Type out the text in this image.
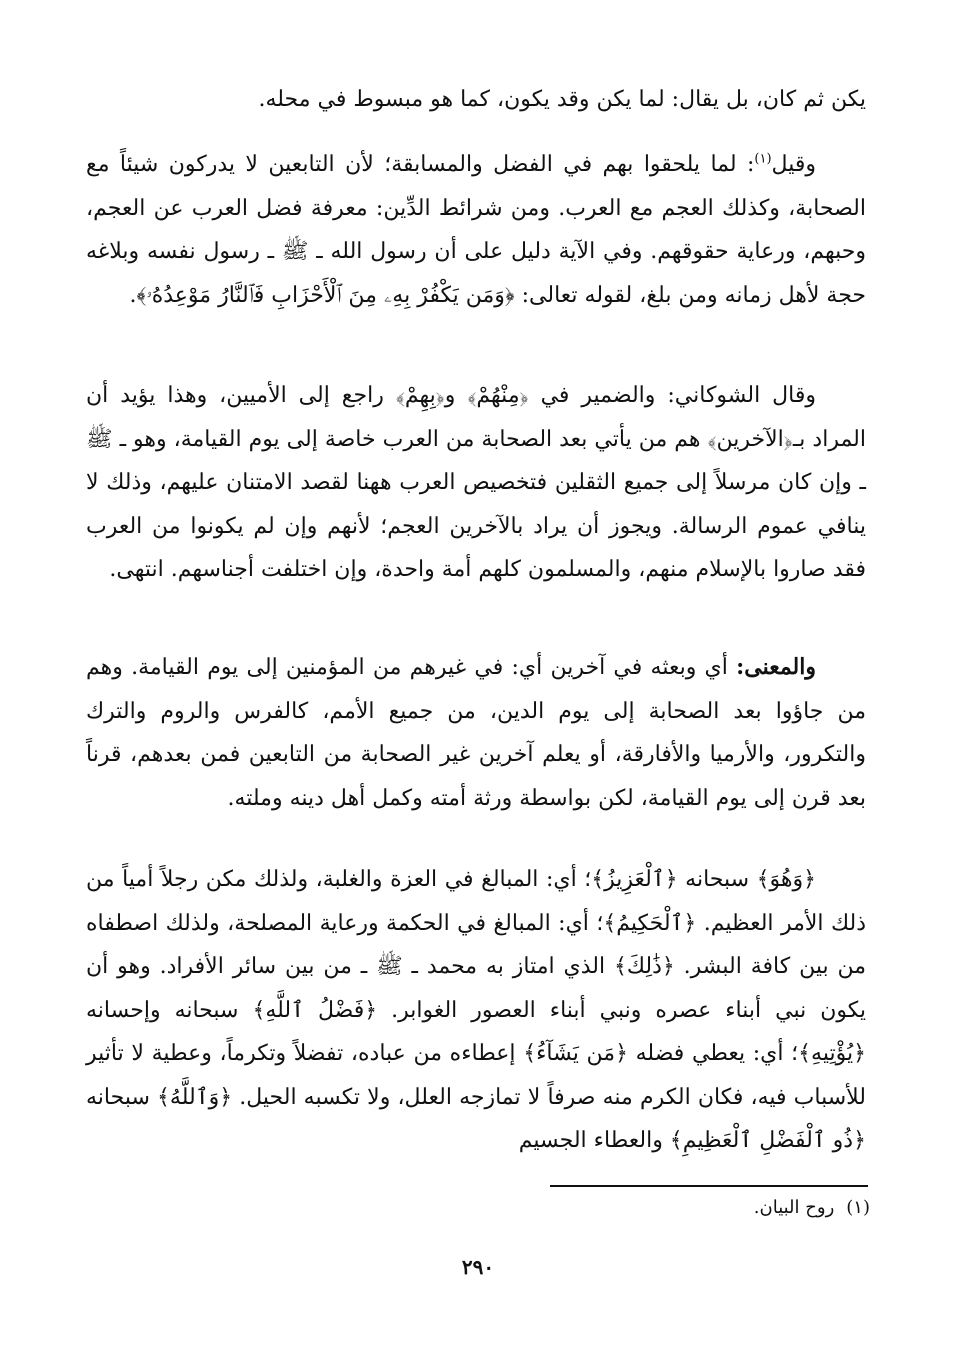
يكن ثم كان، بل يقال: لما يكن وقد يكون، كما هو مبسوط في محله.

وقيل$^{(١)}$: لما يلحقوا بهم في الفضل والمسابقة؛ لأن التابعين لا يدركون شيئاً مع الصحابة، وكذلك العجم مع العرب. ومن شرائط الدِّين: معرفة فضل العرب عن العجم، وحبهم، ورعاية حقوقهم. وفي الآية دليل على أن رسول الله ـ ﷺ ـ رسول نفسه وبلاغه حجة لأهل زمانه ومن بلغ، لقوله تعالى: ﴿وَمَن يَكْفُرْ بِهِۦ مِنَ ٱلْأَحْزَابِ فَٱلنَّارُ مَوْعِدُهُۥ﴾.

وقال الشوكاني: والضمير في ﴿مِنْهُمْ﴾ و﴿بِهِمْ﴾ راجع إلى الأميين، وهذا يؤيد أن المراد بـ﴿الآخرين﴾ هم من يأتي بعد الصحابة من العرب خاصة إلى يوم القيامة، وهو ـ ﷺ ـ وإن كان مرسلاً إلى جميع الثقلين فتخصيص العرب ههنا لقصد الامتنان عليهم، وذلك لا ينافي عموم الرسالة. ويجوز أن يراد بالآخرين العجم؛ لأنهم وإن لم يكونوا من العرب فقد صاروا بالإسلام منهم، والمسلمون كلهم أمة واحدة، وإن اختلفت أجناسهم. انتهى.

والمعنى: أي وبعثه في آخرين أي: في غيرهم من المؤمنين إلى يوم القيامة. وهم من جاؤوا بعد الصحابة إلى يوم الدين، من جميع الأمم، كالفرس والروم والترك والتكرور، والأرميا والأفارقة، أو يعلم آخرين غير الصحابة من التابعين فمن بعدهم، قرناً بعد قرن إلى يوم القيامة، لكن بواسطة ورثة أمته وكمل أهل دينه وملته.

﴿وَهُوَ﴾ سبحانه ﴿ٱلْعَزِيزُ﴾؛ أي: المبالغ في العزة والغلبة، ولذلك مكن رجلاً أمياً من ذلك الأمر العظيم. ﴿ٱلْحَكِيمُ﴾؛ أي: المبالغ في الحكمة ورعاية المصلحة، ولذلك اصطفاه من بين كافة البشر. ﴿ذَٰلِكَ﴾ الذي امتاز به محمد ـ ﷺ ـ من بين سائر الأفراد. وهو أن يكون نبي أبناء عصره ونبي أبناء العصور الغوابر. ﴿فَضْلُ ٱللَّهِ﴾ سبحانه وإحسانه ﴿يُؤْتِيهِ﴾؛ أي: يعطي فضله ﴿مَن يَشَآءُ﴾ إعطاءه من عباده، تفضلاً وتكرماً، وعطية لا تأثير للأسباب فيه، فكان الكرم منه صرفاً لا تمازجه العلل، ولا تكسبه الحيل. ﴿وَٱللَّهُ﴾ سبحانه ﴿ذُو ٱلْفَضْلِ ٱلْعَظِيمِ﴾ والعطاء الجسيم

(١)روح البيان.

٢٩٠
